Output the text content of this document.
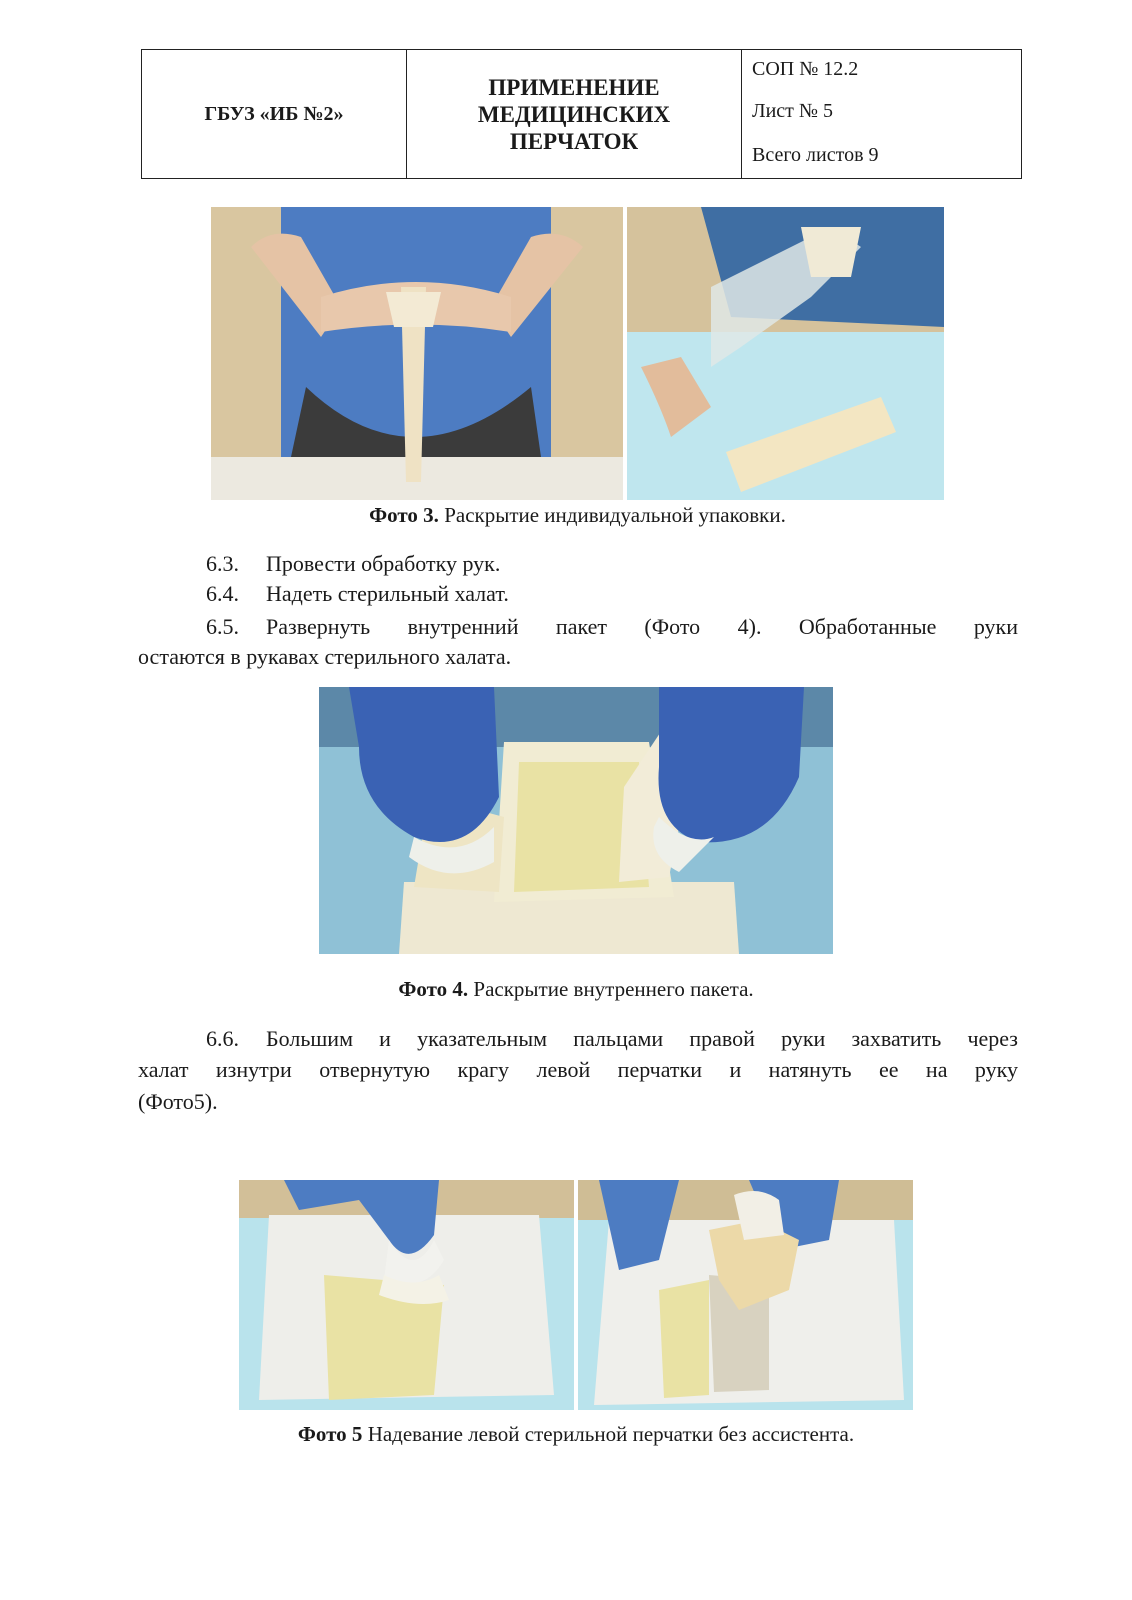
ГБУЗ «ИБ №2»
ПРИМЕНЕНИЕ
МЕДИЦИНСКИХ
ПЕРЧАТОК
СОП № 12.2
Лист № 5
Всего листов 9
Фото 3. Раскрытие индивидуальной упаковки.
6.3. Провести обработку рук.
6.4. Надеть стерильный халат.
6.5.	Развернуть внутренний пакет (Фото 4). Обработанные руки
остаются в рукавах стерильного халата.
Фото 4. Раскрытие внутреннего пакета.
6.6.	Большим и указательным пальцами правой руки захватить через
халат изнутри отвернутую крагу левой перчатки и натянуть ее на руку
(Фото5).
Фото 5 Надевание левой стерильной перчатки без ассистента.
